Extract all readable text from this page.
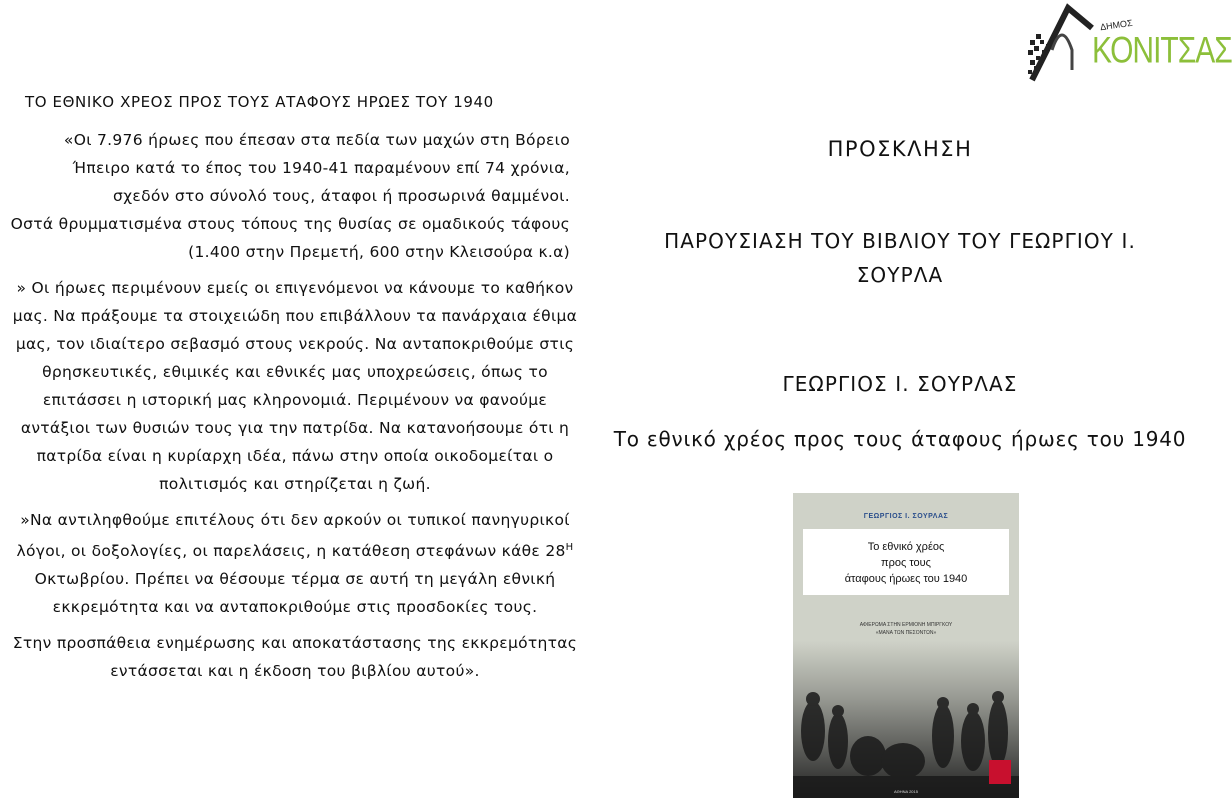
ΔΗΜΟΣ
ΚΟΝΙΤΣΑΣ

ΤΟ ΕΘΝΙΚΟ ΧΡΕΟΣ ΠΡΟΣ ΤΟΥΣ ΑΤΑΦΟΥΣ ΗΡΩΕΣ ΤΟΥ 1940

«Οι 7.976 ήρωες που έπεσαν στα πεδία των μαχών στη Βόρειο
Ήπειρο κατά το έπος του 1940-41 παραμένουν επί 74 χρόνια,
σχεδόν στο σύνολό τους, άταφοι ή προσωρινά θαμμένοι.
Οστά θρυμματισμένα στους τόπους της θυσίας σε ομαδικούς τάφους
(1.400 στην Πρεμετή, 600 στην Κλεισούρα κ.α)

» Οι ήρωες περιμένουν εμείς οι επιγενόμενοι να κάνουμε το καθήκον
μας. Να πράξουμε τα στοιχειώδη που επιβάλλουν τα πανάρχαια έθιμα
μας, τον ιδιαίτερο σεβασμό στους νεκρούς. Να ανταποκριθούμε στις
θρησκευτικές, εθιμικές και εθνικές μας υποχρεώσεις, όπως το
επιτάσσει η ιστορική μας κληρονομιά. Περιμένουν να φανούμε
αντάξιοι των θυσιών τους για την πατρίδα. Να κατανοήσουμε ότι η
πατρίδα είναι η κυρίαρχη ιδέα, πάνω στην οποία οικοδομείται ο
πολιτισμός και στηρίζεται η ζωή.

»Να αντιληφθούμε επιτέλους ότι δεν αρκούν οι τυπικοί πανηγυρικοί
λόγοι, οι δοξολογίες, οι παρελάσεις, η κατάθεση στεφάνων κάθε $28^H$
Οκτωβρίου. Πρέπει να θέσουμε τέρμα σε αυτή τη μεγάλη εθνική
εκκρεμότητα και να ανταποκριθούμε στις προσδοκίες τους.

Στην προσπάθεια ενημέρωσης και αποκατάστασης της εκκρεμότητας
εντάσσεται και η έκδοση του βιβλίου αυτού».

ΠΡΟΣΚΛΗΣΗ
ΠΑΡΟΥΣΙΑΣΗ ΤΟΥ ΒΙΒΛΙΟΥ ΤΟΥ ΓΕΩΡΓΙΟΥ Ι.
ΣΟΥΡΛΑ
ΓΕΩΡΓΙΟΣ Ι. ΣΟΥΡΛΑΣ
Το εθνικό χρέος προς τους άταφους ήρωες του 1940
ΓΕΩΡΓΙΟΣ Ι. ΣΟΥΡΛΑΣ
Το εθνικό χρέος
προς τους
άταφους ήρωες του 1940
ΑΦΙΕΡΩΜΑ ΣΤΗΝ ΕΡΜΙΟΝΗ ΜΠΙΡΓΚΟΥ
«ΜΑΝΑ ΤΩΝ ΠΕΣΟΝΤΩΝ»
ΑΘΗΝΑ 2015
